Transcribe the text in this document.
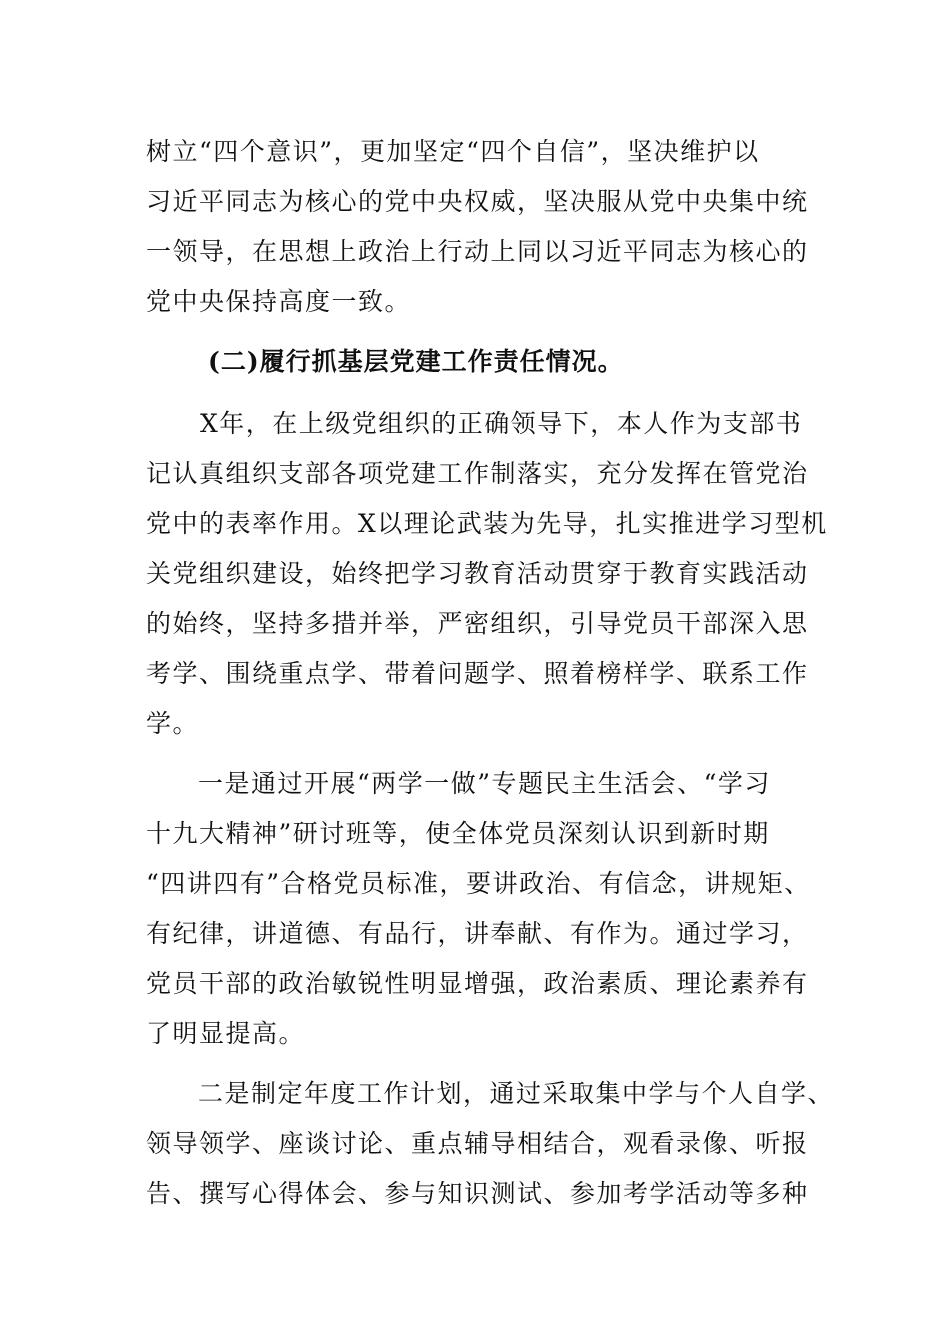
树立“四个意识”，更加坚定“四个自信”，坚决维护以
习近平同志为核心的党中央权威，坚决服从党中央集中统
一领导，在思想上政治上行动上同以习近平同志为核心的
党中央保持高度一致。
(二)履行抓基层党建工作责任情况。
X年，在上级党组织的正确领导下，本人作为支部书
记认真组织支部各项党建工作制落实，充分发挥在管党治
党中的表率作用。X以理论武装为先导，扎实推进学习型机
关党组织建设，始终把学习教育活动贯穿于教育实践活动
的始终，坚持多措并举，严密组织，引导党员干部深入思
考学、围绕重点学、带着问题学、照着榜样学、联系工作
学。
一是通过开展“两学一做”专题民主生活会、“学习
十九大精神”研讨班等，使全体党员深刻认识到新时期
“四讲四有”合格党员标准，要讲政治、有信念，讲规矩、
有纪律，讲道德、有品行，讲奉献、有作为。通过学习，
党员干部的政治敏锐性明显增强，政治素质、理论素养有
了明显提高。
二是制定年度工作计划，通过采取集中学与个人自学、
领导领学、座谈讨论、重点辅导相结合，观看录像、听报
告、撰写心得体会、参与知识测试、参加考学活动等多种
